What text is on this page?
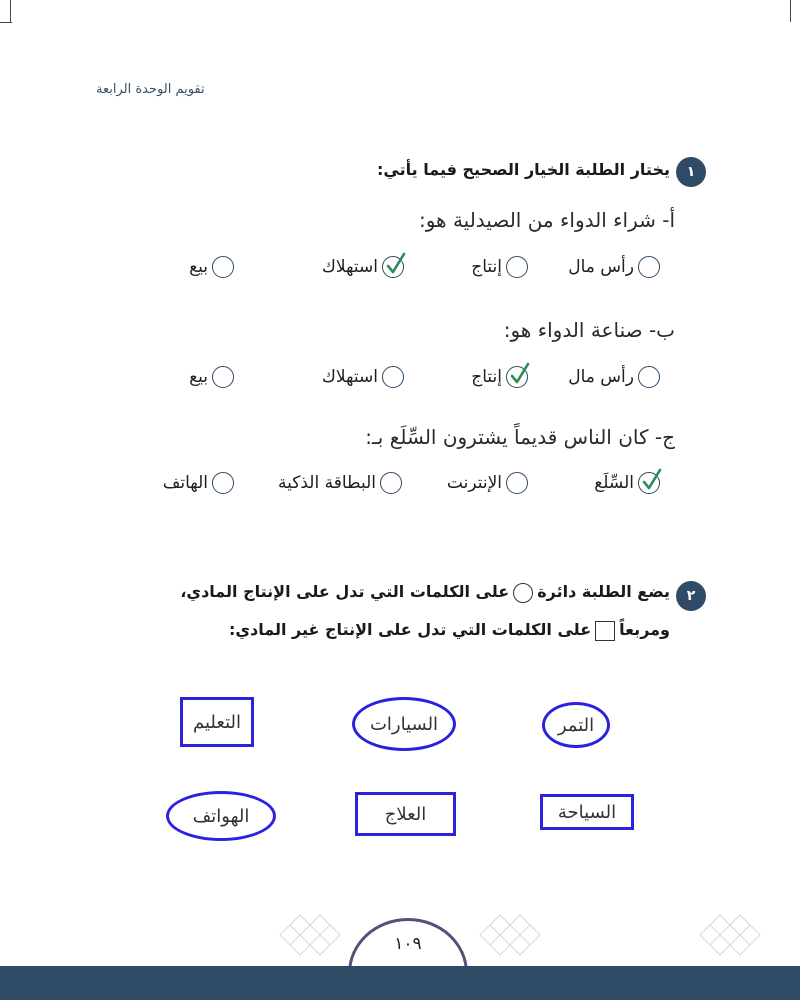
تقويم الوحدة الرابعة
١
يختار الطلبة الخيار الصحيح فيما يأتي:
أ- شراء الدواء من الصيدلية هو:
رأس مال
إنتاج
استهلاك
بيع
ب- صناعة الدواء هو:
رأس مال
إنتاج
استهلاك
بيع
ج- كان الناس قديماً يشترون السِّلَع بـ:
السِّلَع
الإنترنت
البطاقة الذكية
الهاتف
٢
يضع الطلبة دائرةعلى الكلمات التي تدل على الإنتاج المادي،
ومربعاًعلى الكلمات التي تدل على الإنتاج غير المادي:
التمر
السيارات
التعليم
السياحة
العلاج
الهواتف
١٠٩
